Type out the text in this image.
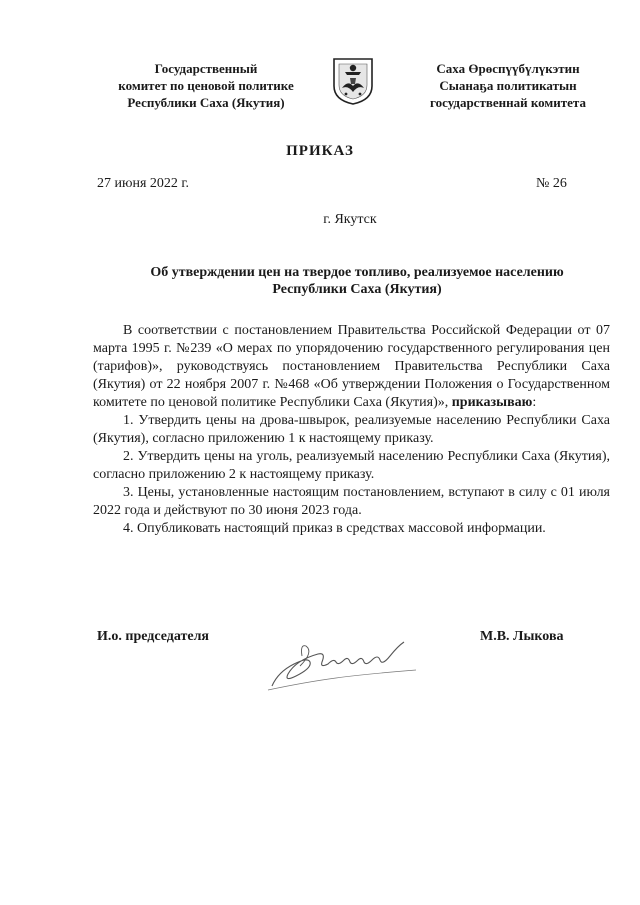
Государственный
комитет по ценовой политике
Республики Саха (Якутия)
Саха Өрөспүүбүлүкэтин
Сыанаҕа политикатын
государственнай комитета
ПРИКАЗ
27 июня 2022 г.	№ 26
г. Якутск
Об утверждении цен на твердое топливо, реализуемое населению
Республики Саха (Якутия)

В соответствии с постановлением Правительства Российской Федерации от 07 марта 1995 г. №239 «О мерах по упорядочению государственного регулирования цен (тарифов)», руководствуясь постановлением Правительства Республики Саха (Якутия) от 22 ноября 2007 г. №468 «Об утверждении Положения о Государственном комитете по ценовой политике Республики Саха (Якутия)», приказываю:

1. Утвердить цены на дрова-швырок, реализуемые населению Республики Саха (Якутия), согласно приложению 1 к настоящему приказу.

2. Утвердить цены на уголь, реализуемый населению Республики Саха (Якутия), согласно приложению 2 к настоящему приказу.

3. Цены, установленные настоящим постановлением, вступают в силу с 01 июля 2022 года и действуют по 30 июня 2023 года.

4. Опубликовать настоящий приказ в средствах массовой информации.

И.о. председателя	М.В. Лыкова
